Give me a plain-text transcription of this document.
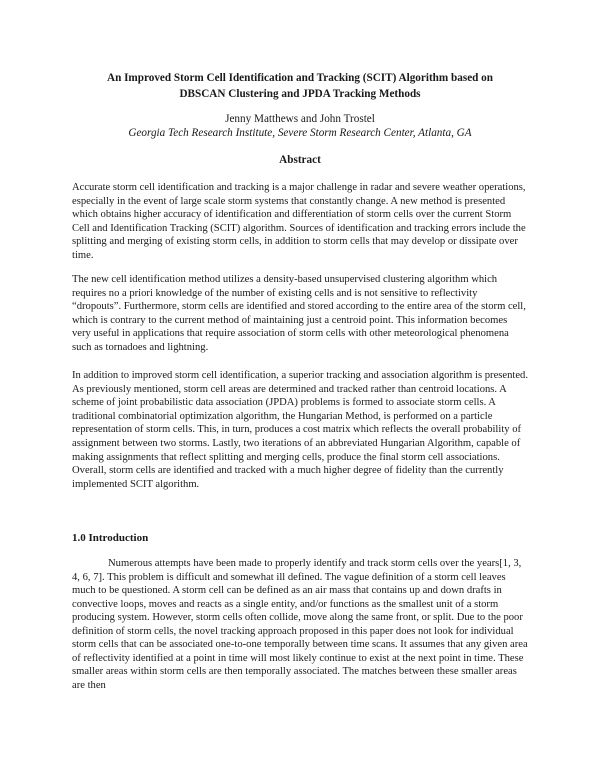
An Improved Storm Cell Identification and Tracking (SCIT) Algorithm based on
DBSCAN Clustering and JPDA Tracking Methods
Jenny Matthews and John Trostel
Georgia Tech Research Institute, Severe Storm Research Center, Atlanta, GA
Abstract

Accurate storm cell identification and tracking is a major challenge in radar and severe weather operations, especially in the event of large scale storm systems that constantly change. A new method is presented which obtains higher accuracy of identification and differentiation of storm cells over the current Storm Cell and Identification Tracking (SCIT) algorithm. Sources of identification and tracking errors include the splitting and merging of existing storm cells, in addition to storm cells that may develop or dissipate over time.

The new cell identification method utilizes a density-based unsupervised clustering algorithm which requires no a priori knowledge of the number of existing cells and is not sensitive to reflectivity “dropouts”. Furthermore, storm cells are identified and stored according to the entire area of the storm cell, which is contrary to the current method of maintaining just a centroid point. This information becomes very useful in applications that require association of storm cells with other meteorological phenomena such as tornadoes and lightning.

In addition to improved storm cell identification, a superior tracking and association algorithm is presented. As previously mentioned, storm cell areas are determined and tracked rather than centroid locations. A scheme of joint probabilistic data association (JPDA) problems is formed to associate storm cells. A traditional combinatorial optimization algorithm, the Hungarian Method, is performed on a particle representation of storm cells. This, in turn, produces a cost matrix which reflects the overall probability of assignment between two storms. Lastly, two iterations of an abbreviated Hungarian Algorithm, capable of making assignments that reflect splitting and merging cells, produce the final storm cell associations. Overall, storm cells are identified and tracked with a much higher degree of fidelity than the currently implemented SCIT algorithm.

1.0 Introduction

Numerous attempts have been made to properly identify and track storm cells over the years[1, 3, 4, 6, 7]. This problem is difficult and somewhat ill defined. The vague definition of a storm cell leaves much to be questioned. A storm cell can be defined as an air mass that contains up and down drafts in convective loops, moves and reacts as a single entity, and/or functions as the smallest unit of a storm producing system. However, storm cells often collide, move along the same front, or split. Due to the poor definition of storm cells, the novel tracking approach proposed in this paper does not look for individual storm cells that can be associated one-to-one temporally between time scans. It assumes that any given area of reflectivity identified at a point in time will most likely continue to exist at the next point in time. These smaller areas within storm cells are then temporally associated. The matches between these smaller areas are then
